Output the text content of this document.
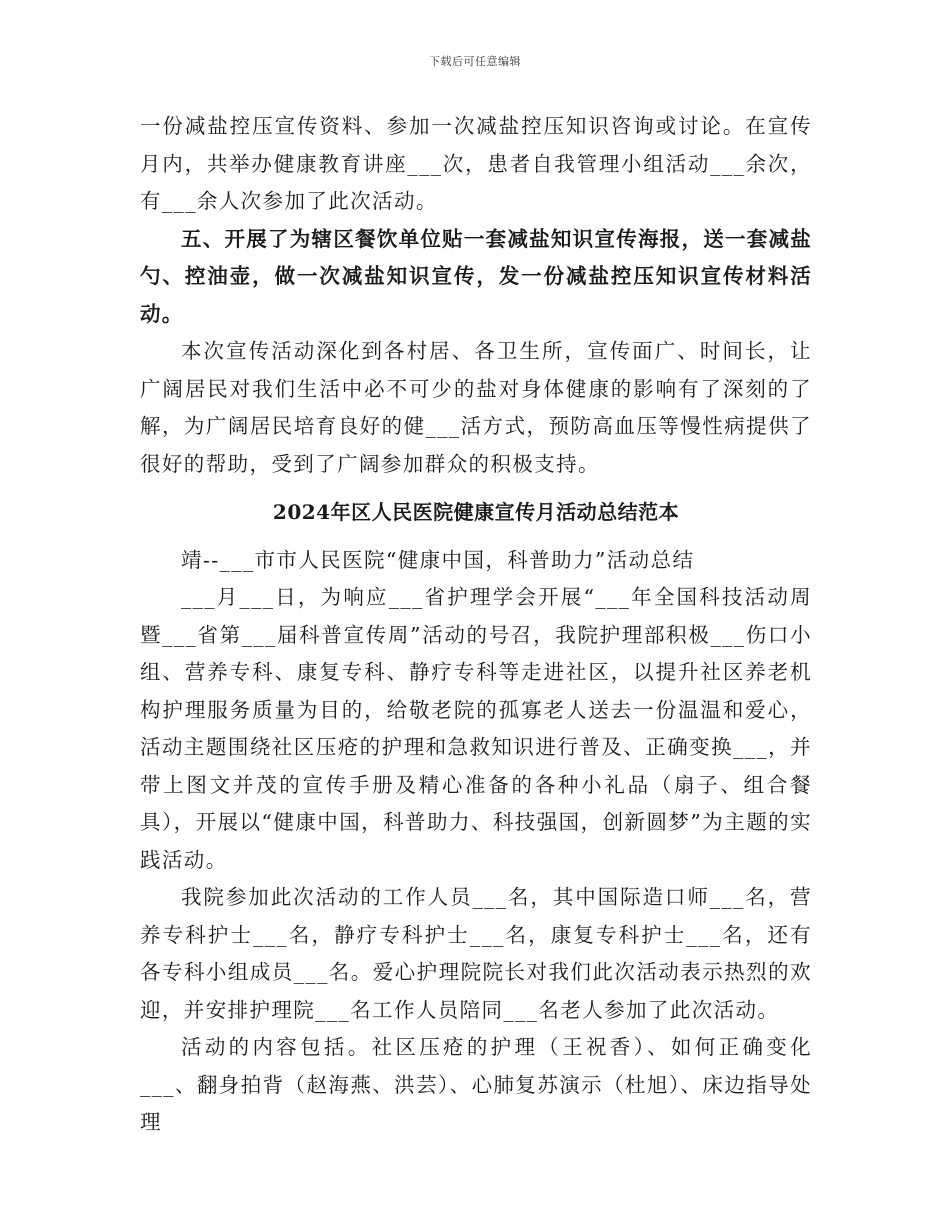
下载后可任意编辑

一份减盐控压宣传资料、参加一次减盐控压知识咨询或讨论。在宣传月内，共举办健康教育讲座___次，患者自我管理小组活动___余次，有___余人次参加了此次活动。

五、开展了为辖区餐饮单位贴一套减盐知识宣传海报，送一套减盐勺、控油壶，做一次减盐知识宣传，发一份减盐控压知识宣传材料活动。

本次宣传活动深化到各村居、各卫生所，宣传面广、时间长，让广阔居民对我们生活中必不可少的盐对身体健康的影响有了深刻的了解，为广阔居民培育良好的健___活方式，预防高血压等慢性病提供了很好的帮助，受到了广阔参加群众的积极支持。

2024年区人民医院健康宣传月活动总结范本

靖--___市市人民医院“健康中国，科普助力”活动总结

___月___日，为响应___省护理学会开展“___年全国科技活动周暨___省第___届科普宣传周”活动的号召，我院护理部积极___伤口小组、营养专科、康复专科、静疗专科等走进社区，以提升社区养老机构护理服务质量为目的，给敬老院的孤寡老人送去一份温温和爱心，活动主题围绕社区压疮的护理和急救知识进行普及、正确变换___，并带上图文并茂的宣传手册及精心准备的各种小礼品（扇子、组合餐具），开展以“健康中国，科普助力、科技强国，创新圆梦”为主题的实践活动。

我院参加此次活动的工作人员___名，其中国际造口师___名，营养专科护士___名，静疗专科护士___名，康复专科护士___名，还有各专科小组成员___名。爱心护理院院长对我们此次活动表示热烈的欢迎，并安排护理院___名工作人员陪同___名老人参加了此次活动。

活动的内容包括。社区压疮的护理（王祝香）、如何正确变化___、翻身拍背（赵海燕、洪芸）、心肺复苏演示（杜旭）、床边指导处理
